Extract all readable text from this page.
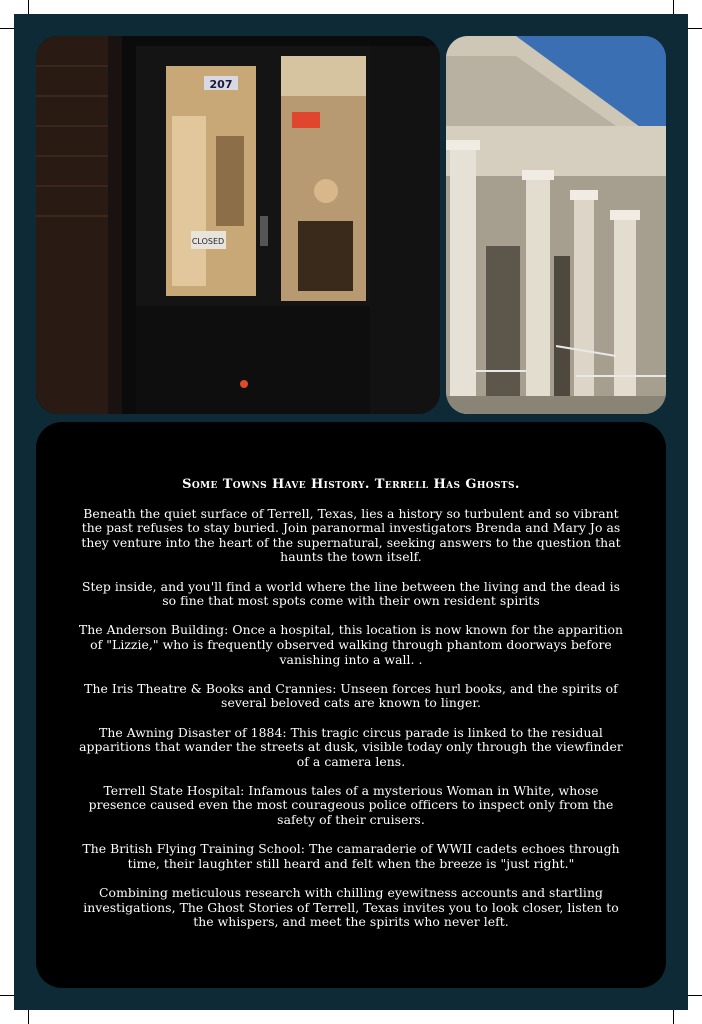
CLOSED
207
Some Towns Have History. Terrell Has Ghosts.

Beneath the quiet surface of Terrell, Texas, lies a history so turbulent and so vibrant the past refuses to stay buried. Join paranormal investigators Brenda and Mary Jo as they venture into the heart of the supernatural, seeking answers to the question that haunts the town itself.

Step inside, and you'll find a world where the line between the living and the dead is so fine that most spots come with their own resident spirits

The Anderson Building: Once a hospital, this location is now known for the apparition of "Lizzie," who is frequently observed walking through phantom doorways before vanishing into a wall. .

The Iris Theatre & Books and Crannies: Unseen forces hurl books, and the spirits of several beloved cats are known to linger.

The Awning Disaster of 1884: This tragic circus parade is linked to the residual apparitions that wander the streets at dusk, visible today only through the viewfinder of a camera lens.

Terrell State Hospital: Infamous tales of a mysterious Woman in White, whose presence caused even the most courageous police officers to inspect only from the safety of their cruisers.

The British Flying Training School: The camaraderie of WWII cadets echoes through time, their laughter still heard and felt when the breeze is "just right."

Combining meticulous research with chilling eyewitness accounts and startling investigations, The Ghost Stories of Terrell, Texas invites you to look closer, listen to the whispers, and meet the spirits who never left.
